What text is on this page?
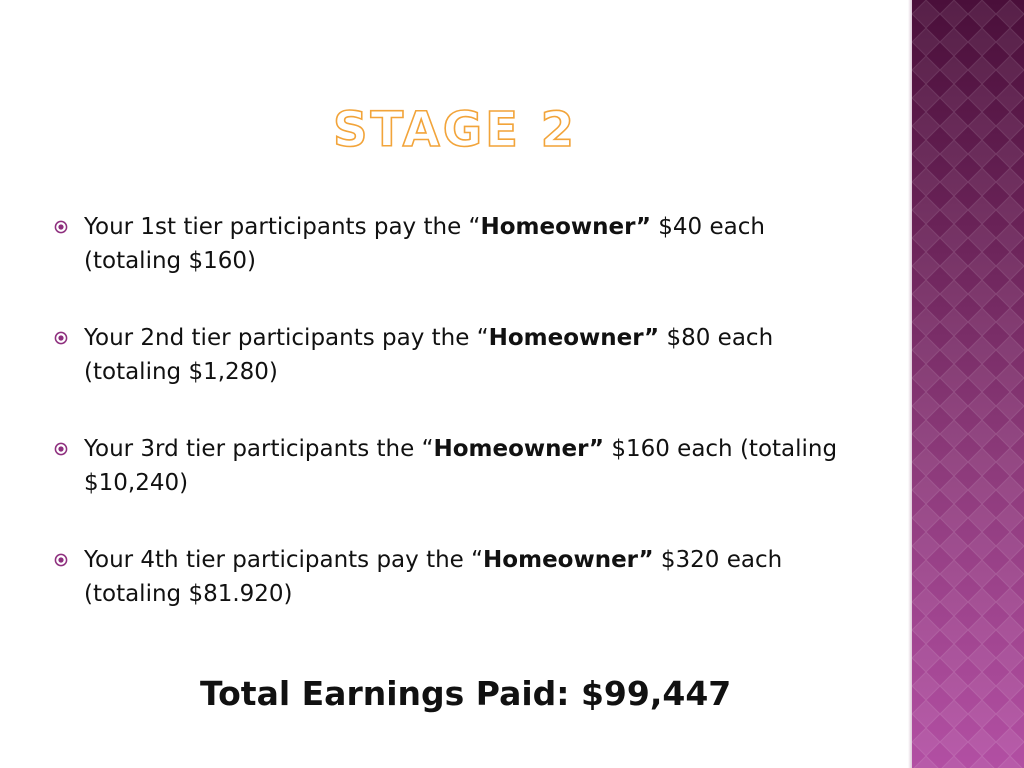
STAGE 2
Your 1st tier participants pay the “Homeowner” $40 each (totaling $160)
Your 2nd tier participants pay the “Homeowner” $80 each (totaling $1,280)
Your 3rd tier participants the “Homeowner” $160 each (totaling $10,240)
Your 4th tier participants pay the “Homeowner” $320 each (totaling $81.920)
Total Earnings Paid: $99,447
